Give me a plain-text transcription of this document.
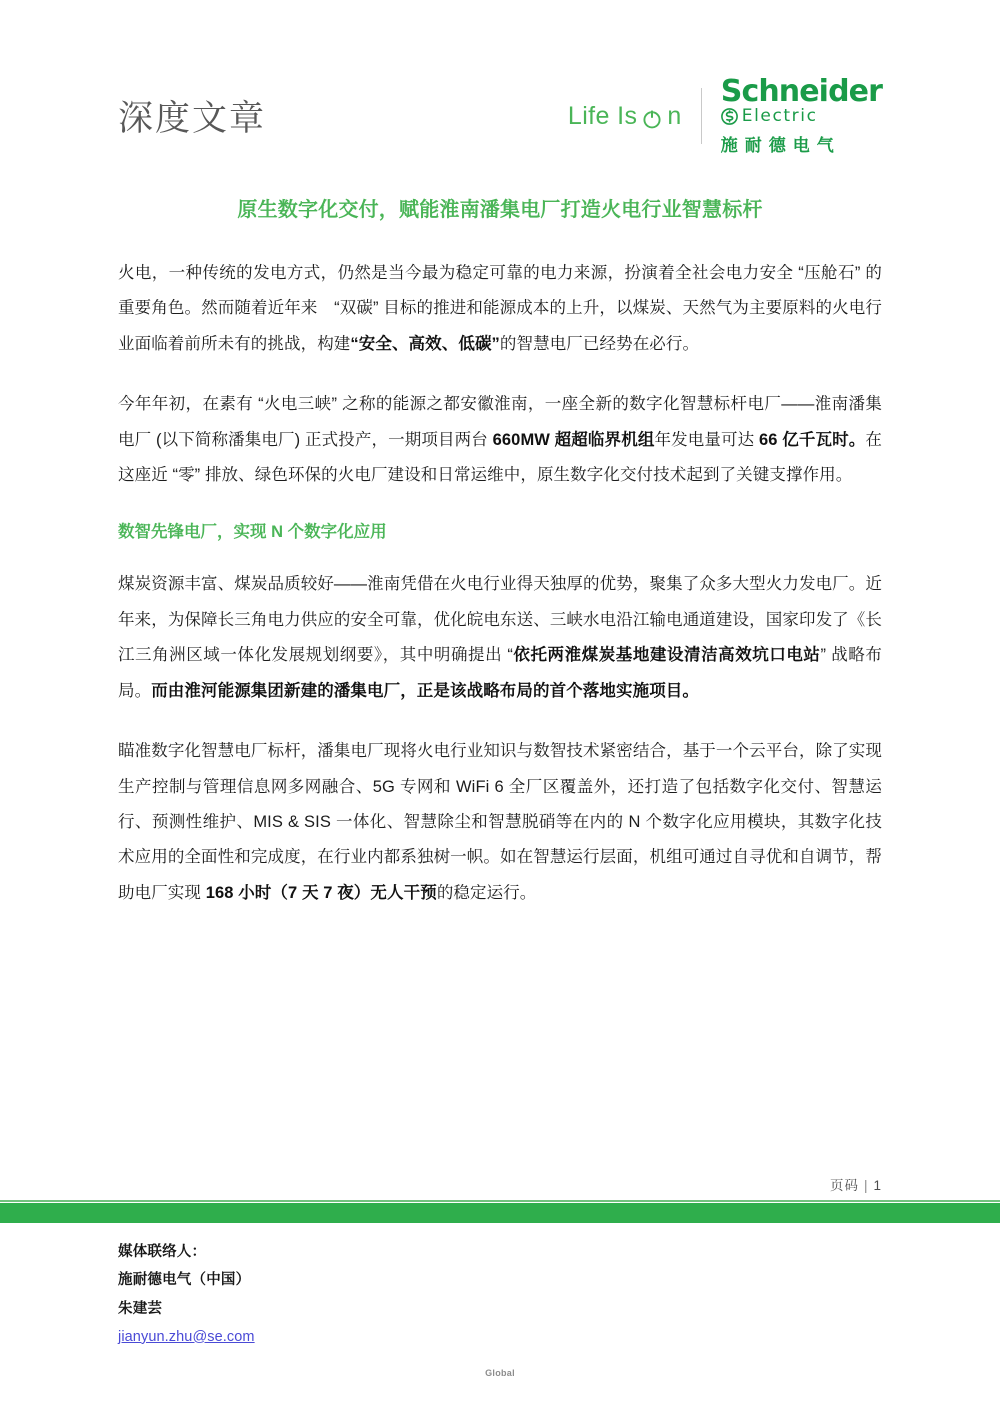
深度文章	Life Is n
Schneider
Electric
施耐德电气
原生数字化交付，赋能淮南潘集电厂打造火电行业智慧标杆

火电，一种传统的发电方式，仍然是当今最为稳定可靠的电力来源，扮演着全社会电力安全 “压舱石” 的重要角色。然而随着近年来　“双碳” 目标的推进和能源成本的上升，以煤炭、天然气为主要原料的火电行业面临着前所未有的挑战，构建“安全、高效、低碳”的智慧电厂已经势在必行。

今年年初，在素有 “火电三峡” 之称的能源之都安徽淮南，一座全新的数字化智慧标杆电厂——淮南潘集电厂 (以下简称潘集电厂) 正式投产，一期项目两台 660MW 超超临界机组年发电量可达 66 亿千瓦时。在这座近 “零” 排放、绿色环保的火电厂建设和日常运维中，原生数字化交付技术起到了关键支撑作用。

数智先锋电厂，实现 N 个数字化应用

煤炭资源丰富、煤炭品质较好——淮南凭借在火电行业得天独厚的优势，聚集了众多大型火力发电厂。近年来，为保障长三角电力供应的安全可靠，优化皖电东送、三峡水电沿江输电通道建设，国家印发了《长江三角洲区域一体化发展规划纲要》，其中明确提出 “依托两淮煤炭基地建设清洁高效坑口电站” 战略布局。而由淮河能源集团新建的潘集电厂，正是该战略布局的首个落地实施项目。

瞄准数字化智慧电厂标杆，潘集电厂现将火电行业知识与数智技术紧密结合，基于一个云平台，除了实现生产控制与管理信息网多网融合、5G 专网和 WiFi 6 全厂区覆盖外，还打造了包括数字化交付、智慧运行、预测性维护、MIS & SIS 一体化、智慧除尘和智慧脱硝等在内的 N 个数字化应用模块，其数字化技术应用的全面性和完成度，在行业内都系独树一帜。如在智慧运行层面，机组可通过自寻优和自调节，帮助电厂实现 168 小时（7 天 7 夜）无人干预的稳定运行。

页码 | 1
媒体联络人：
施耐德电气（中国）
朱建芸
jianyun.zhu@se.com
Global
